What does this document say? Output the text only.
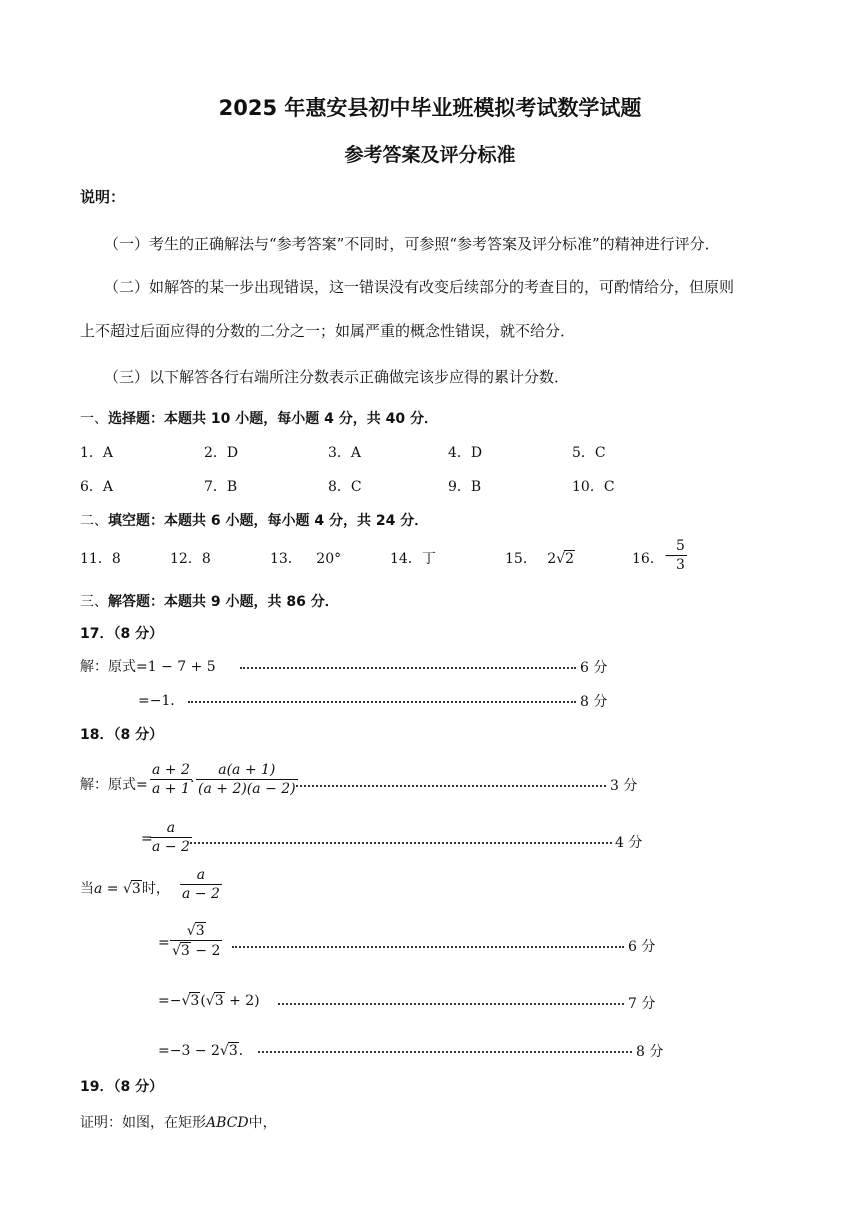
2025 年惠安县初中毕业班模拟考试数学试题
参考答案及评分标准
说明：
（一）考生的正确解法与“参考答案”不同时，可参照“参考答案及评分标准”的精神进行评分．
（二）如解答的某一步出现错误，这一错误没有改变后续部分的考查目的，可酌情给分，但原则
上不超过后面应得的分数的二分之一；如属严重的概念性错误，就不给分．
（三）以下解答各行右端所注分数表示正确做完该步应得的累计分数．
一、选择题：本题共 10 小题，每小题 4 分，共 40 分．
1．A	2．D	3．A	4．D	5．C
6．A	7．B	8．C	9．B	10．C
二、填空题：本题共 6 小题，每小题 4 分，共 24 分．
11．8	12．8	13． 20°	14．丁	15． 2√2	16． −
5
3
三、解答题：本题共 9 小题，共 86 分．
17．（8 分）
解：原式=1 − 7 + 5	6 分
=−1．	8 分
18．（8 分）
解：原式=
a + 2
a + 1 ·
a(a + 1)
(a + 2)(a − 2)	3 分
=
a
a − 2	4 分
当a = √3时，
a
a − 2
=
√3
√3 − 2	6 分
=−√3(√3 + 2)	7 分
=−3 − 2√3．	8 分
19．（8 分）
证明：如图，在矩形ABCD中，
